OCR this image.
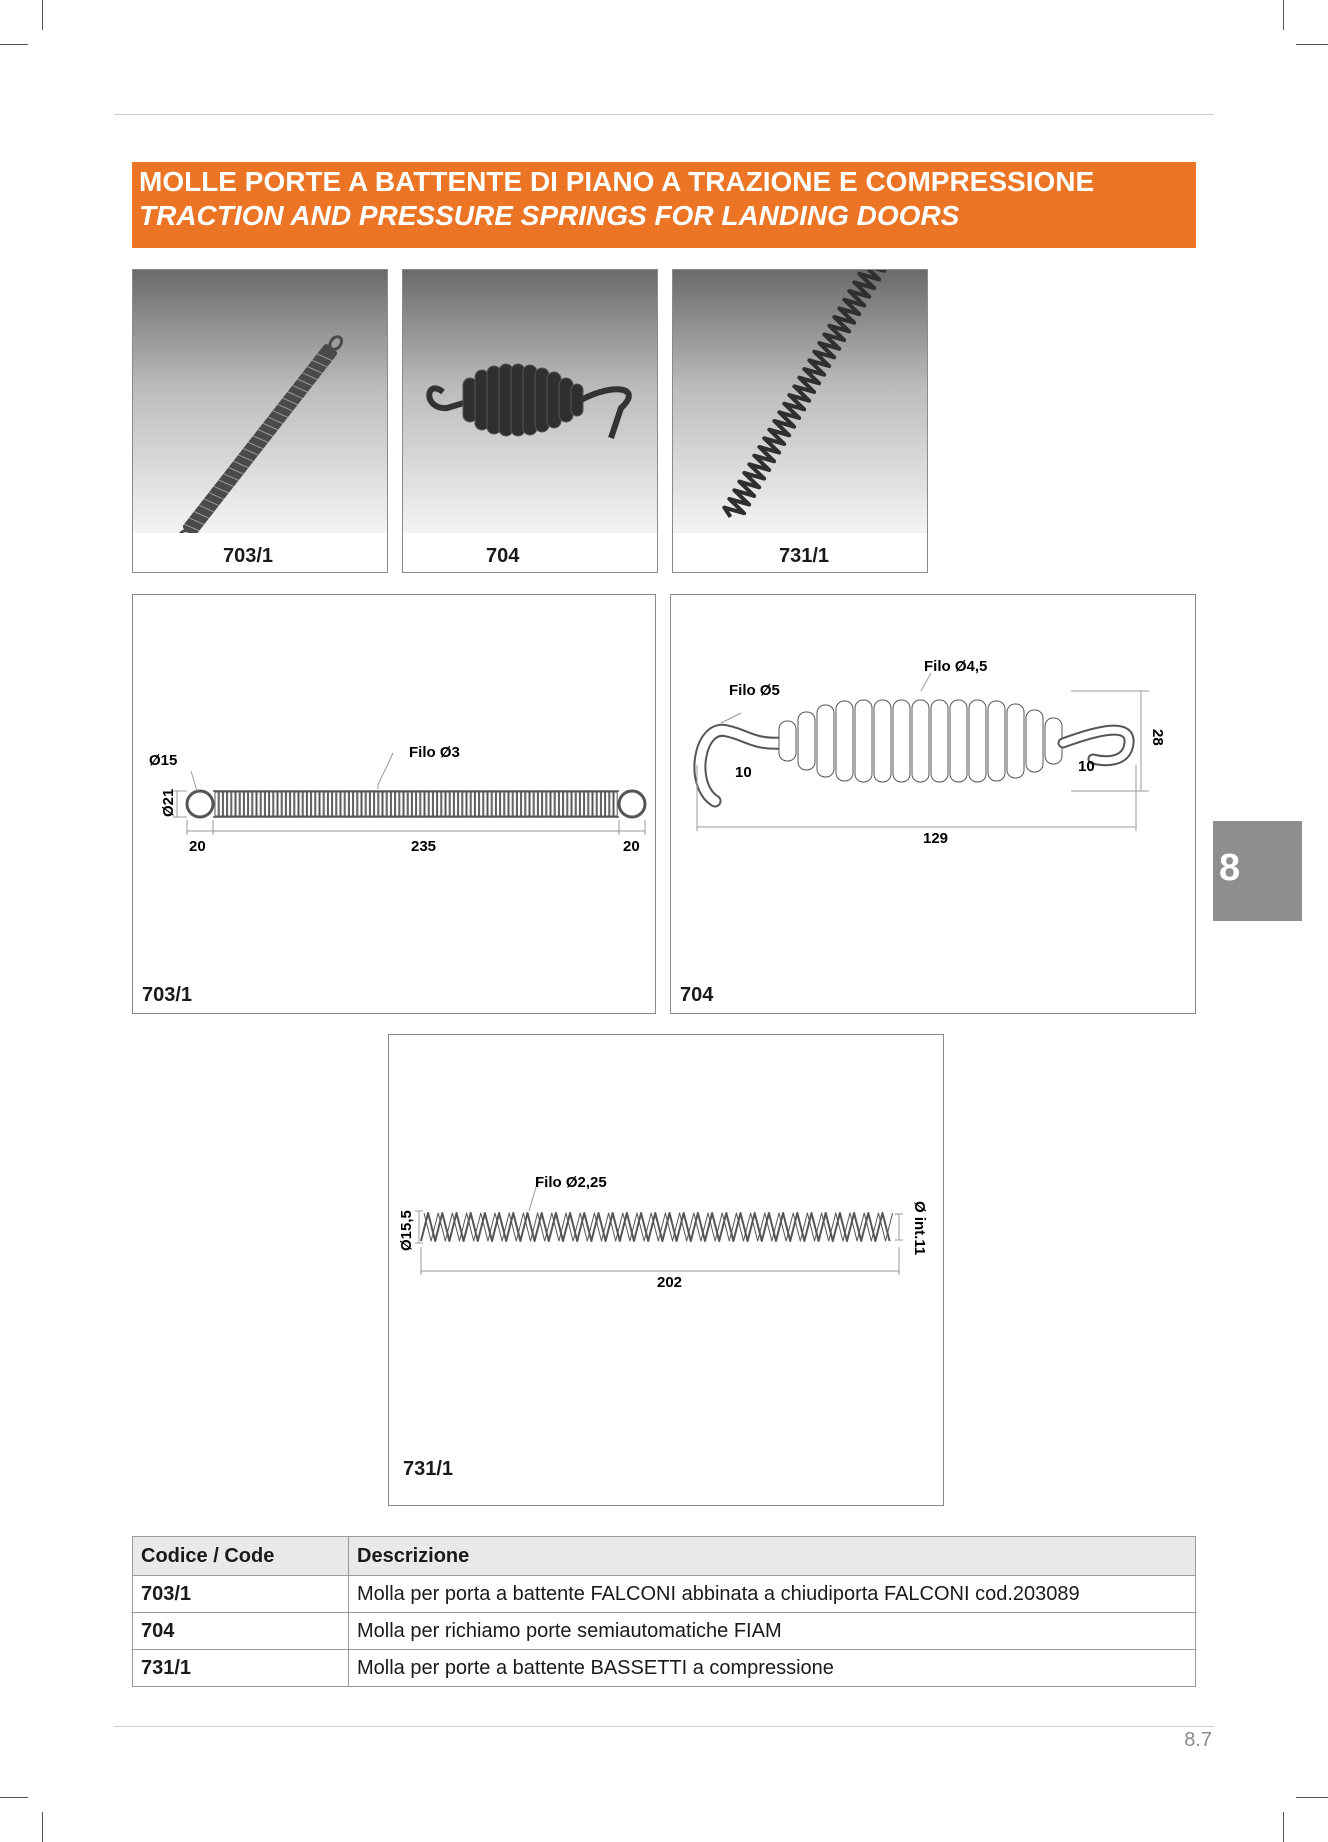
MOLLE PORTE A BATTENTE DI PIANO A TRAZIONE E COMPRESSIONE
TRACTION AND PRESSURE SPRINGS FOR LANDING DOORS
703/1	704	731/1
Ø15	Filo Ø3
Ø21
20	235	20
703/1
Filo Ø5
Filo Ø4,5
10	10
28
129
704
Filo Ø2,25
Ø15,5	Ø int.11
202
731/1
8
Codice / Code	Descrizione
703/1	Molla per porta a battente FALCONI abbinata a chiudiporta FALCONI cod.203089
704	Molla per richiamo porte semiautomatiche FIAM
731/1	Molla per porte a battente BASSETTI a compressione
8.7
